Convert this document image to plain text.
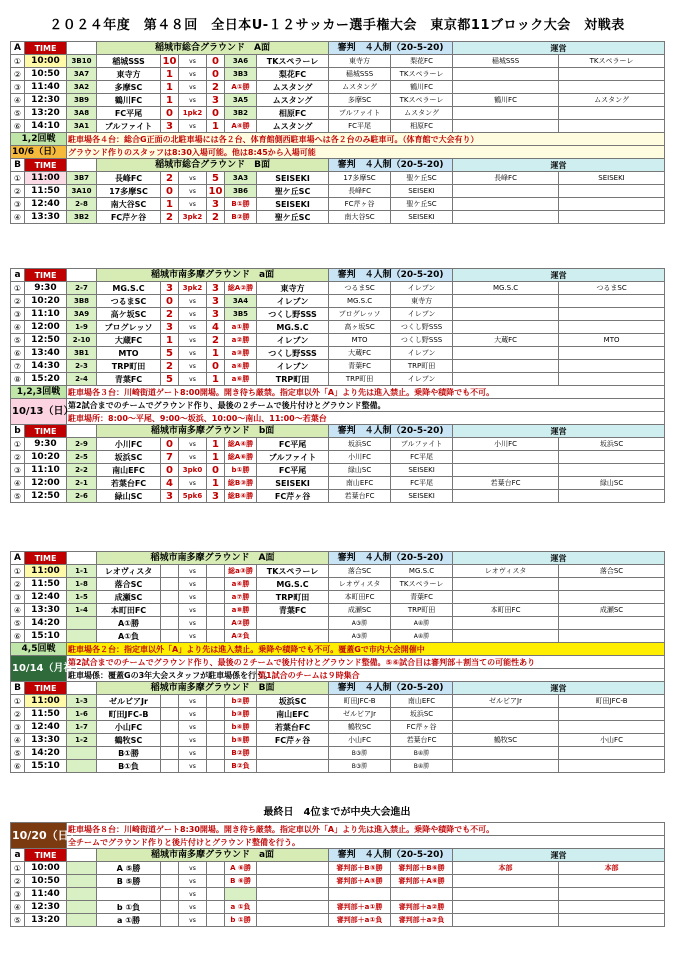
２０２４年度　第４８回　全日本U-１２サッカー選手権大会　東京都11ブロック大会　対戦表
A	TIME		稲城市総合グラウンド　A面						審判　４人制（20-5-20)		運営	
①	10:00	3B10	稲城SSS	10	vs	0	3A6	TKスペラーレ	東寺方	梨花FC	稲城SSS	TKスペラーレ
②	10:50	3A7	東寺方	1	vs	0	3B3	梨花FC	稲城SSS	TKスペラーレ		
③	11:40	3A2	多摩SC	1	vs	2	A①勝	ムスタング	ムスタング	鶴川FC		
④	12:30	3B9	鶴川FC	1	vs	3	3A5	ムスタング	多摩SC	TKスペラーレ	鶴川FC	ムスタング
⑤	13:20	3A8	FC平尾	0	1pk2	0	3B2	相原FC	ブルファイト	ムスタング		
⑥	14:10	3A1	ブルファイト	3	vs	1	A④勝	ムスタング	FC平尾	相原FC		
1,2回戦		駐車場各４台：総合G正面の北駐車場には各２台、体育館側西駐車場へは各２台のみ駐車可。（体育館で大会有り）										
10/6（日）		グラウンド作りのスタッフは8:30入場可能。他は8:45から入場可能										
B	TIME		稲城市総合グラウンド　B面						審判　４人制（20-5-20)		運営	
①	11:00	3B7	長峰FC	2	vs	5	3A3	SEISEKI	17多摩SC	聖ケ丘SC	長峰FC	SEISEKI
②	11:50	3A10	17多摩SC	0	vs	10	3B6	聖ケ丘SC	長峰FC	SEISEKI		
③	12:40	2-8	南大谷SC	1	vs	3	B①勝	SEISEKI	FC芹ヶ谷	聖ケ丘SC		
④	13:30	3B2	FC芹ケ谷	2	3pk2	2	B②勝	聖ケ丘SC	南大谷SC	SEISEKI		
a	TIME		稲城市南多摩グラウンド　a面						審判　４人制（20-5-20)		運営	
①	9:30	2-7	MG.S.C	3	3pk2	3	総A②勝	東寺方	つるまSC	イレブン	MG.S.C	つるまSC
②	10:20	3B8	つるまSC	0	vs	3	3A4	イレブン	MG.S.C	東寺方		
③	11:10	3A9	高ケ坂SC	2	vs	3	3B5	つくし野SSS	ブログレッソ	イレブン		
④	12:00	1-9	ブログレッソ	3	vs	4	a①勝	MG.S.C	高ヶ坂SC	つくし野SSS		
⑤	12:50	2-10	大蔵FC	1	vs	2	a②勝	イレブン	MTO	つくし野SSS	大蔵FC	MTO
⑥	13:40	3B1	MTO	5	vs	1	a③勝	つくし野SSS	大蔵FC	イレブン		
⑦	14:30	2-3	TRP町田	2	vs	0	a④勝	イレブン	青葉FC	TRP町田		
⑧	15:20	2-4	青葉FC	5	vs	1	a⑥勝	TRP町田	TRP町田	イレブン		
1,2,3回戦		駐車場各３台：川崎街道ゲート8:00開場。開き待ち厳禁。指定車以外「A」より先は進入禁止。乗降や積降でも不可。										
10/13（日）		第2試合までのチームでグラウンド作り、最後の２チームで後片付けとグラウンド整備。										
		駐車場所：8:00～平尾、9:00～坂浜、10:00～南山、11:00～若葉台										
b	TIME		稲城市南多摩グラウンド　b面						審判　４人制（20-5-20)		運営	
①	9:30	2-9	小川FC	0	vs	1	総A④勝	FC平尾	坂浜SC	ブルファイト	小川FC	坂浜SC
②	10:20	2-5	坂浜SC	7	vs	1	総A⑥勝	ブルファイト	小川FC	FC平尾		
③	11:10	2-2	南山EFC	0	3pk0	0	b①勝	FC平尾	緑山SC	SEISEKI		
④	12:00	2-1	若葉台FC	4	vs	1	総B③勝	SEISEKI	南山EFC	FC平尾	若葉台FC	緑山SC
⑤	12:50	2-6	緑山SC	3	5pk6	3	総B④勝	FC芹ヶ谷	若葉台FC	SEISEKI		
A	TIME		稲城市南多摩グラウンド　A面						審判　４人制（20-5-20)		運営	
①	11:00	1-1	レオヴィスタ		vs		総a③勝	TKスペラーレ	落合SC	MG.S.C	レオヴィスタ	落合SC
②	11:50	1-8	落合SC		vs		a④勝	MG.S.C	レオヴィスタ	TKスペラーレ		
③	12:40	1-5	成瀬SC		vs		a⑦勝	TRP町田	本町田FC	青葉FC		
④	13:30	1-4	本町田FC		vs		a⑧勝	青葉FC	成瀬SC	TRP町田	本町田FC	成瀬SC
⑤	14:20		A①勝		vs		A②勝		A③勝	A④勝		
⑥	15:10		A①負		vs		A②負		A③勝	A④勝		
4,5回戦		駐車場各２台：指定車以外「A」より先は進入禁止。乗降や積降でも不可。覆蓋Gで市内大会開催中										
10/14（月祝）		第2試合までのチームでグラウンド作り、最後の２チームで後片付けとグラウンド整備。⑤⑥試合目は審判部＋割当ての可能性あり										
		駐車場係：覆蓋Gの3年大会スタッフが駐車場係を行う。						第1試合のチームは９時集合				
B	TIME		稲城市南多摩グラウンド　B面						審判　４人制（20-5-20)		運営	
①	11:00	1-3	ゼルビアJr		vs		b②勝	坂浜SC	町田JFC-B	南山EFC	ゼルビアJr	町田JFC-B
②	11:50	1-6	町田JFC-B		vs		b③勝	南山EFC	ゼルビアJr	坂浜SC		
③	12:40	1-7	小山FC		vs		b④勝	若葉台FC	鶴牧SC	FC芹ヶ谷		
④	13:30	1-2	鶴牧SC		vs		b⑤勝	FC芹ヶ谷	小山FC	若葉台FC	鶴牧SC	小山FC
⑤	14:20		B①勝		vs		B②勝		B③勝	B④勝		
⑥	15:10		B①負		vs		B②負		B③勝	B④勝		
10/20（日）		駐車場各８台：川崎街道ゲート8:30開場。開き待ち厳禁。指定車以外「A」より先は進入禁止。乗降や積降でも不可。										
		全チームでグラウンド作りと後片付けとグラウンド整備を行う。										
a	TIME		稲城市南多摩グラウンド　a面						審判　４人制（20-5-20)		運営	
①	10:00		A ⑤勝		vs		A ⑥勝		審判部＋B⑤勝	審判部＋B⑥勝	本部	本部
②	10:50		B ⑤勝		vs		B ⑥勝		審判部＋A⑤勝	審判部＋A⑥勝		
③	11:40				vs							
④	12:30		b ①負		vs		a ①負		審判部＋a①勝	審判部＋a②勝		
⑤	13:20		a ①勝		vs		b ①勝		審判部＋a①負	審判部＋a②負		
最終日　4位までが中央大会進出
